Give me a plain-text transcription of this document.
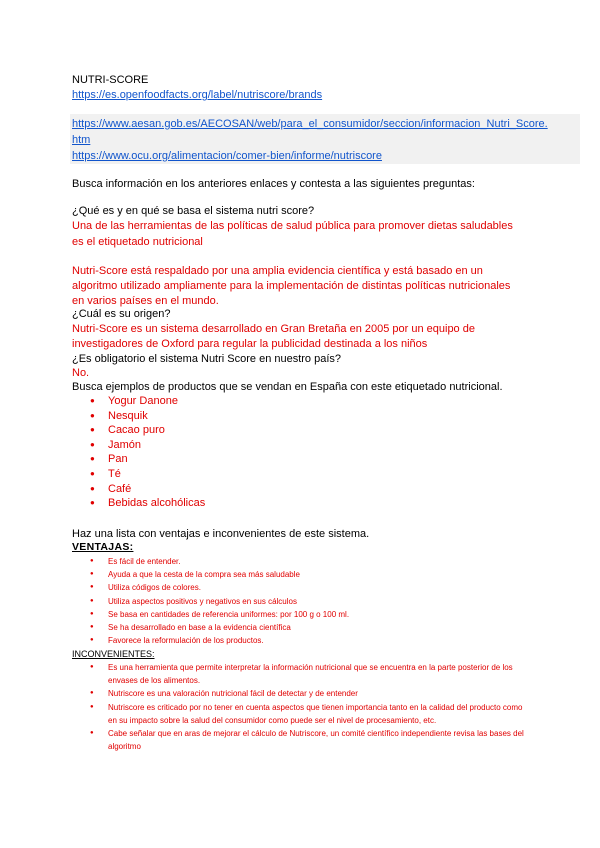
NUTRI-SCORE
https://es.openfoodfacts.org/label/nutriscore/brands
https://www.aesan.gob.es/AECOSAN/web/para_el_consumidor/seccion/informacion_Nutri_Score.
htm
https://www.ocu.org/alimentacion/comer-bien/informe/nutriscore
Busca información en los anteriores enlaces y contesta a las siguientes preguntas:
¿Qué es y en qué se basa el sistema nutri score?
Una de las herramientas de las políticas de salud pública para promover dietas saludables
es el etiquetado nutricional
Nutri-Score está respaldado por una amplia evidencia científica y está basado en un
algoritmo utilizado ampliamente para la implementación de distintas políticas nutricionales
en varios países en el mundo.
¿Cuál es su origen?
Nutri-Score es un sistema desarrollado en Gran Bretaña en 2005 por un equipo de
investigadores de Oxford para regular la publicidad destinada a los niños
¿Es obligatorio el sistema Nutri Score en nuestro país?
No.
Busca ejemplos de productos que se vendan en España con este etiquetado nutricional.
● Yogur Danone
● Nesquik
● Cacao puro
● Jamón
● Pan
● Té
● Café
● Bebidas alcohólicas
Haz una lista con ventajas e inconvenientes de este sistema.
VENTAJAS:
● Es fácil de entender.
● Ayuda a que la cesta de la compra sea más saludable
● Utiliza códigos de colores.
● Utiliza aspectos positivos y negativos en sus cálculos
● Se basa en cantidades de referencia uniformes: por 100 g o 100 ml.
● Se ha desarrollado en base a la evidencia científica
● Favorece la reformulación de los productos.
INCONVENIENTES:
● Es una herramienta que permite interpretar la información nutricional que se encuentra en la parte posterior de los envases de los alimentos.
● Nutriscore es una valoración nutricional fácil de detectar y de entender
● Nutriscore es criticado por no tener en cuenta aspectos que tienen importancia tanto en la calidad del producto como en su impacto sobre la salud del consumidor como puede ser el nivel de procesamiento, etc.
● Cabe señalar que en aras de mejorar el cálculo de Nutriscore, un comité científico independiente revisa las bases del algoritmo
